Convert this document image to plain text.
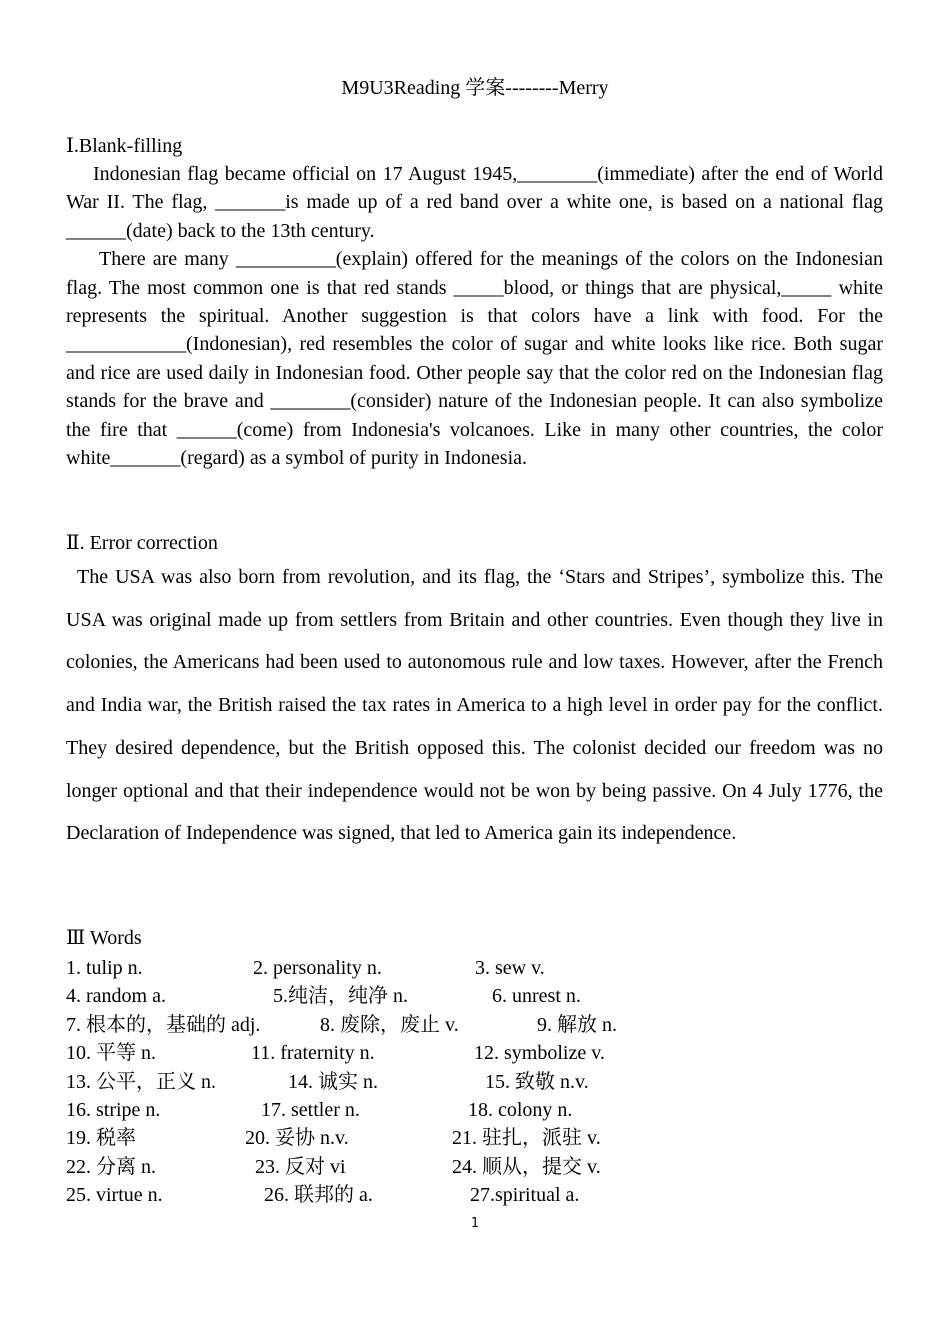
M9U3Reading 学案--------Merry
Ⅰ.Blank-filling

Indonesian flag became official on 17 August 1945,________(immediate) after the end of World War II. The flag, _______is made up of a red band over a white one, is based on a national flag ______(date) back to the 13th century.

There are many __________(explain) offered for the meanings of the colors on the Indonesian flag. The most common one is that red stands _____blood, or things that are physical,_____ white represents the spiritual. Another suggestion is that colors have a link with food. For the ____________(Indonesian), red resembles the color of sugar and white looks like rice. Both sugar and rice are used daily in Indonesian food. Other people say that the color red on the Indonesian flag stands for the brave and ________(consider) nature of the Indonesian people. It can also symbolize the fire that ______(come) from Indonesia's volcanoes. Like in many other countries, the color white_______(regard) as a symbol of purity in Indonesia.

Ⅱ. Error correction

The USA was also born from revolution, and its flag, the ‘Stars and Stripes’, symbolize this. The USA was original made up from settlers from Britain and other countries. Even though they live in colonies, the Americans had been used to autonomous rule and low taxes. However, after the French and India war, the British raised the tax rates in America to a high level in order pay for the conflict. They desired dependence, but the British opposed this. The colonist decided our freedom was no longer optional and that their independence would not be won by being passive. On 4 July 1776, the Declaration of Independence was signed, that led to America gain its independence.

Ⅲ Words
1. tulip n.	2. personality n.	3. sew v.
4. random a.	5.纯洁，纯净 n.	6. unrest n.
7. 根本的，基础的 adj.	8. 废除，废止 v.	9. 解放 n.
10. 平等 n.	11. fraternity n.	12. symbolize v.
13. 公平，正义 n.	14. 诚实 n.	15. 致敬 n.v.
16. stripe n.	17. settler n.	18. colony n.
19. 税率	20. 妥协 n.v.	21. 驻扎，派驻 v.
22. 分离 n.	23. 反对 vi	24. 顺从，提交 v.
25. virtue n.	26. 联邦的 a.	27.spiritual a.
1
